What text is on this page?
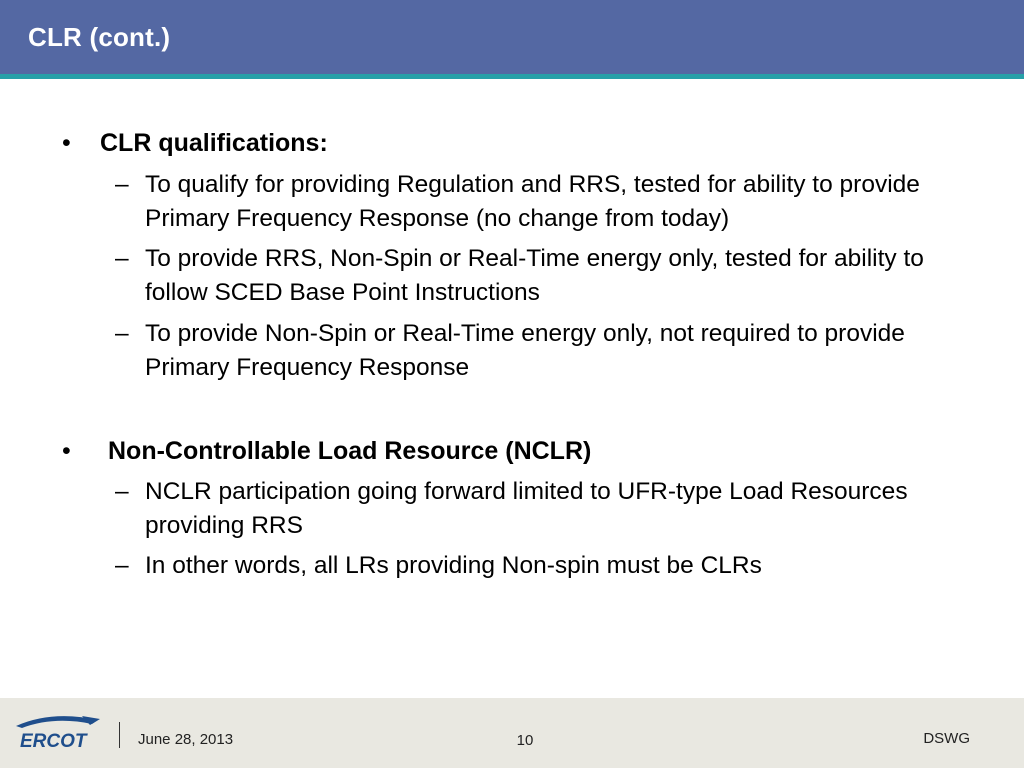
CLR (cont.)
• CLR qualifications:
– To qualify for providing Regulation and RRS, tested for ability to provide Primary Frequency Response (no change from today)
– To provide RRS, Non-Spin or Real-Time energy only, tested for ability to follow SCED Base Point Instructions
– To provide Non-Spin or Real-Time energy only, not required to provide Primary Frequency Response
• Non-Controllable Load Resource (NCLR)
– NCLR participation going forward limited to UFR-type Load Resources providing RRS
– In other words, all LRs providing Non-spin must be CLRs
ERCOT	June 28, 2013	10	DSWG
